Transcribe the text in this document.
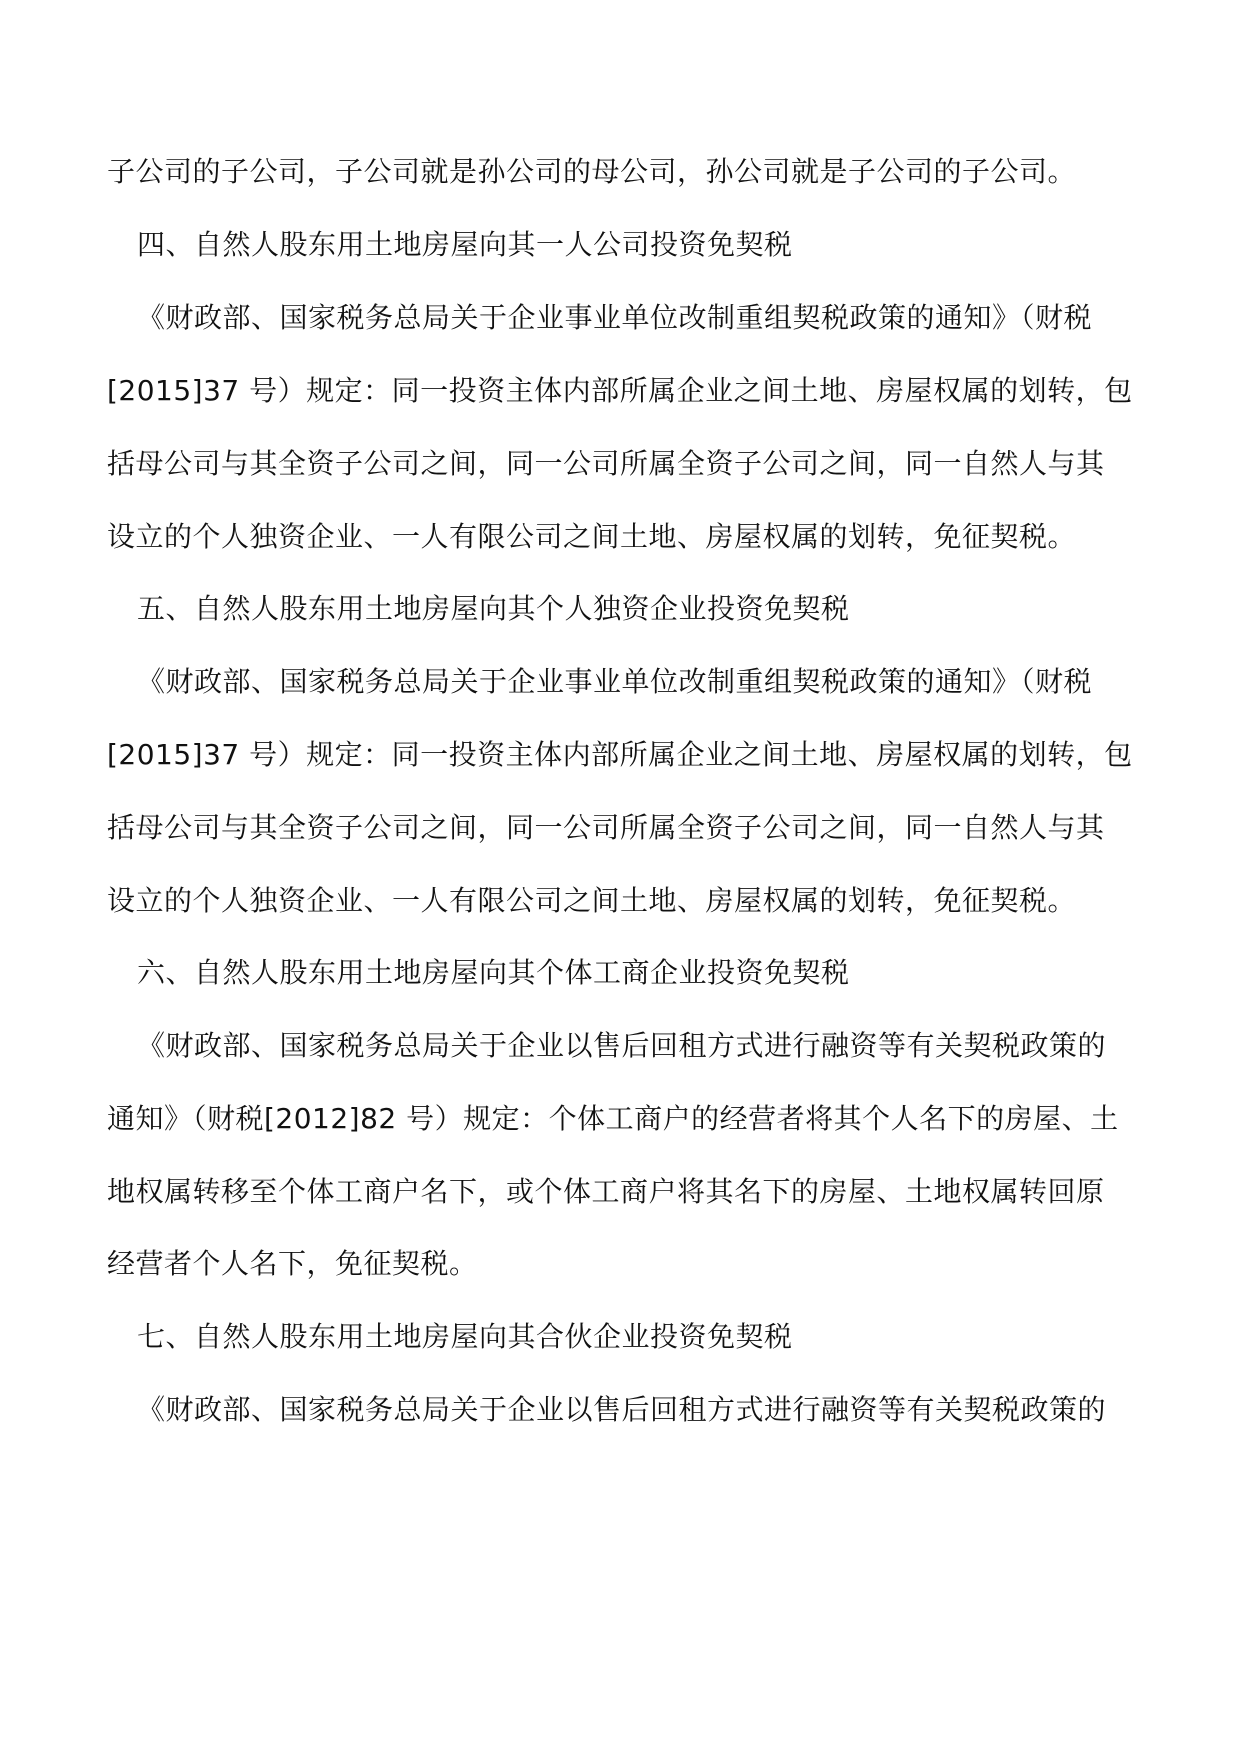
子公司的子公司，子公司就是孙公司的母公司，孙公司就是子公司的子公司。
四、自然人股东用土地房屋向其一人公司投资免契税
《财政部、国家税务总局关于企业事业单位改制重组契税政策的通知》（财税
[2015]37 号）规定：同一投资主体内部所属企业之间土地、房屋权属的划转，包
括母公司与其全资子公司之间，同一公司所属全资子公司之间，同一自然人与其
设立的个人独资企业、一人有限公司之间土地、房屋权属的划转，免征契税。
五、自然人股东用土地房屋向其个人独资企业投资免契税
《财政部、国家税务总局关于企业事业单位改制重组契税政策的通知》（财税
[2015]37 号）规定：同一投资主体内部所属企业之间土地、房屋权属的划转，包
括母公司与其全资子公司之间，同一公司所属全资子公司之间，同一自然人与其
设立的个人独资企业、一人有限公司之间土地、房屋权属的划转，免征契税。
六、自然人股东用土地房屋向其个体工商企业投资免契税
《财政部、国家税务总局关于企业以售后回租方式进行融资等有关契税政策的
通知》（财税[2012]82 号）规定：个体工商户的经营者将其个人名下的房屋、土
地权属转移至个体工商户名下，或个体工商户将其名下的房屋、土地权属转回原
经营者个人名下，免征契税。
七、自然人股东用土地房屋向其合伙企业投资免契税
《财政部、国家税务总局关于企业以售后回租方式进行融资等有关契税政策的
